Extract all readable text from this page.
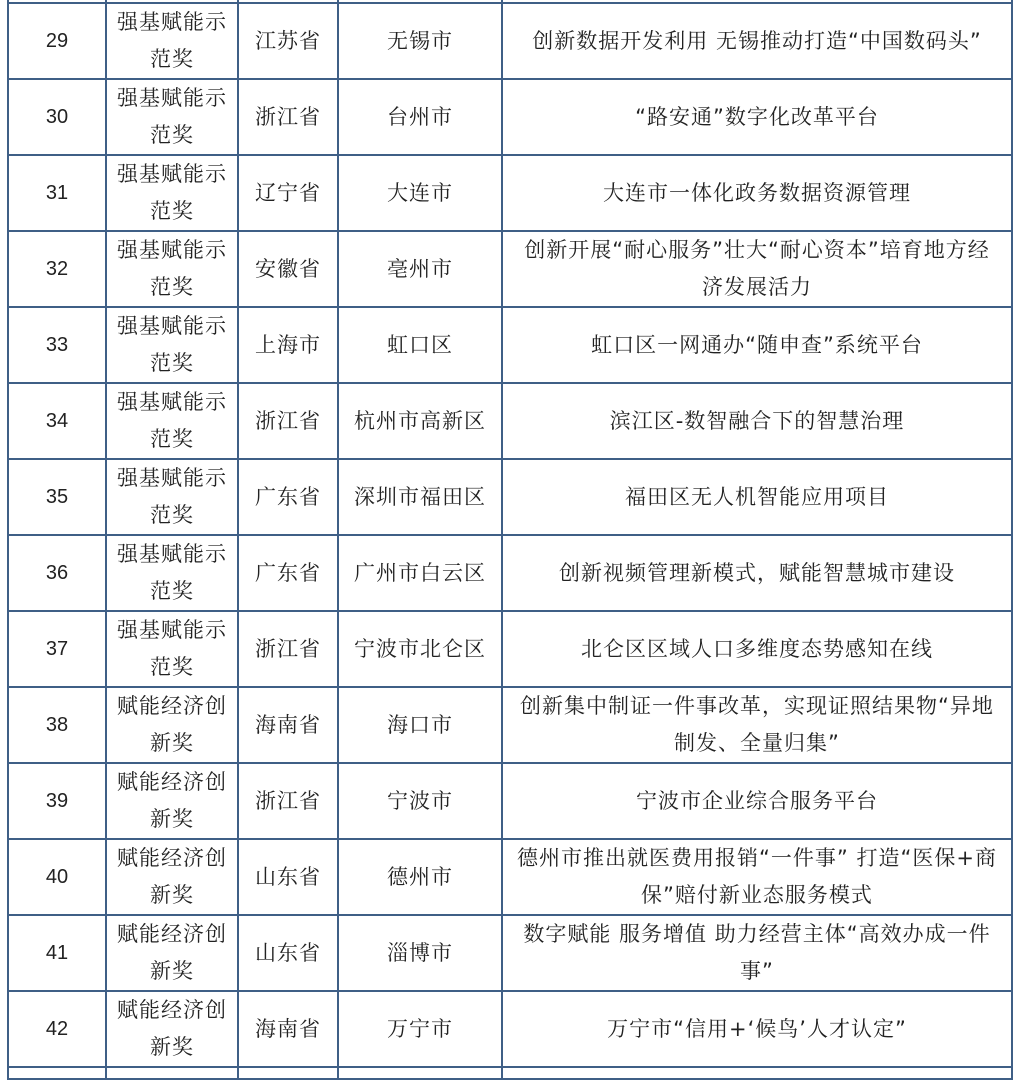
29	强基赋能示范奖	江苏省	无锡市	创新数据开发利用 无锡推动打造“中国数码头”
30	强基赋能示范奖	浙江省	台州市	“路安通”数字化改革平台
31	强基赋能示范奖	辽宁省	大连市	大连市一体化政务数据资源管理
32	强基赋能示范奖	安徽省	亳州市	创新开展“耐心服务”壮大“耐心资本”培育地方经济发展活力
33	强基赋能示范奖	上海市	虹口区	虹口区一网通办“随申查”系统平台
34	强基赋能示范奖	浙江省	杭州市高新区	滨江区-数智融合下的智慧治理
35	强基赋能示范奖	广东省	深圳市福田区	福田区无人机智能应用项目
36	强基赋能示范奖	广东省	广州市白云区	创新视频管理新模式，赋能智慧城市建设
37	强基赋能示范奖	浙江省	宁波市北仑区	北仑区区域人口多维度态势感知在线
38	赋能经济创新奖	海南省	海口市	创新集中制证一件事改革，实现证照结果物“异地制发、全量归集”
39	赋能经济创新奖	浙江省	宁波市	宁波市企业综合服务平台
40	赋能经济创新奖	山东省	德州市	德州市推出就医费用报销“一件事” 打造“医保+商保”赔付新业态服务模式
41	赋能经济创新奖	山东省	淄博市	数字赋能 服务增值 助力经营主体“高效办成一件事”
42	赋能经济创新奖	海南省	万宁市	万宁市“信用+‘候鸟’人才认定”
